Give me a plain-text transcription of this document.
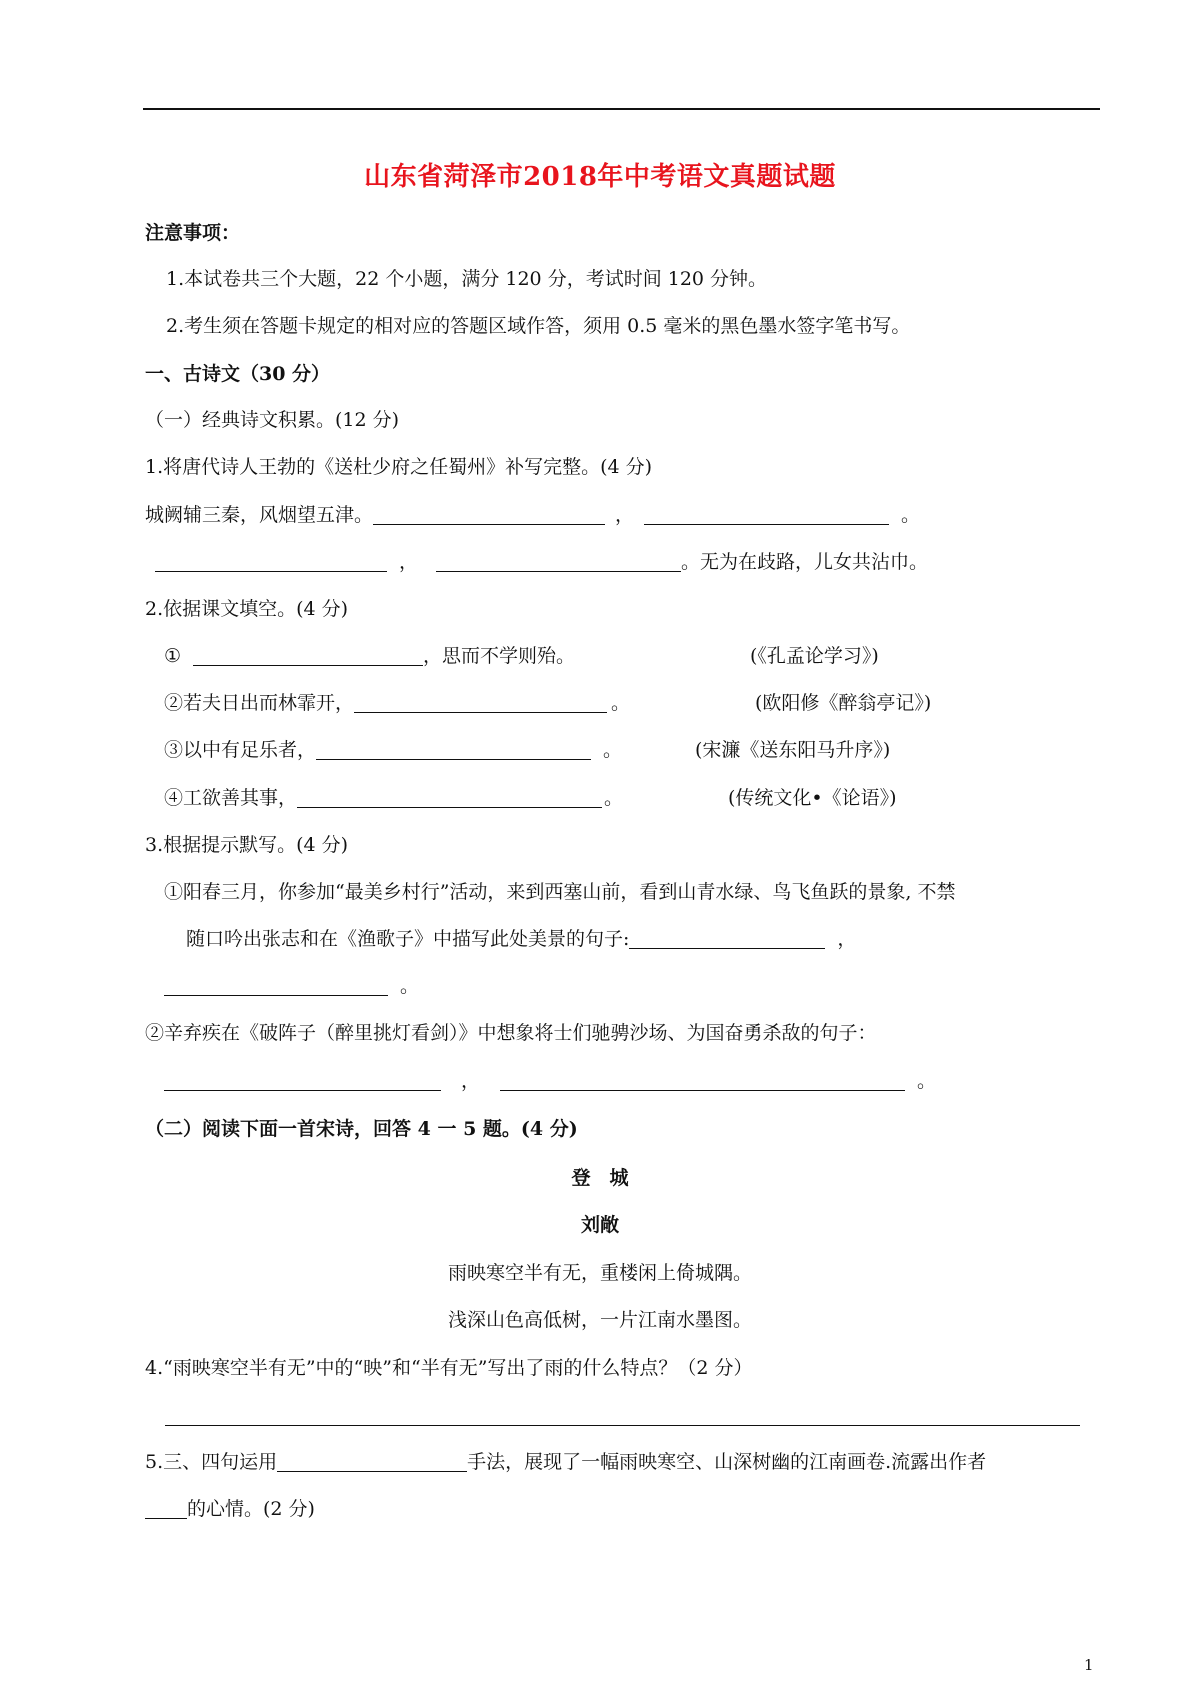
山东省菏泽市2018年中考语文真题试题
注意事项：
1.本试卷共三个大题，22 个小题，满分 120 分，考试时间 120 分钟。
2.考生须在答题卡规定的相对应的答题区域作答，须用 0.5 毫米的黑色墨水签字笔书写。
一、古诗文（30 分）
（一）经典诗文积累。(12 分)
1.将唐代诗人王勃的《送杜少府之任蜀州》补写完整。(4 分)
城阙辅三秦，风烟望五津。	，	。
，	。无为在歧路，儿女共沾巾。
2.依据课文填空。(4 分)
①	，思而不学则殆。	(《孔孟论学习》)
②若夫日出而林霏开，	。	(欧阳修《醉翁亭记》)
③以中有足乐者，	。	(宋濂《送东阳马升序》)
④工欲善其事，	。	(传统文化•《论语》)
3.根据提示默写。(4 分)
①阳春三月，你参加“最美乡村行”活动，来到西塞山前，看到山青水绿、鸟飞鱼跃的景象, 不禁
随口吟出张志和在《渔歌子》中描写此处美景的句子:	，
。
②辛弃疾在《破阵子（醉里挑灯看剑）》中想象将士们驰骋沙场、为国奋勇杀敌的句子：
，	。
（二）阅读下面一首宋诗，回答 4 一 5 题。(4 分)
登　城
刘敞
雨映寒空半有无，重楼闲上倚城隅。
浅深山色高低树，一片江南水墨图。
4.“雨映寒空半有无”中的“映”和“半有无”写出了雨的什么特点？（2 分）
5.三、四句运用	手法，展现了一幅雨映寒空、山深树幽的江南画卷.流露出作者
的心情。(2 分)
1
